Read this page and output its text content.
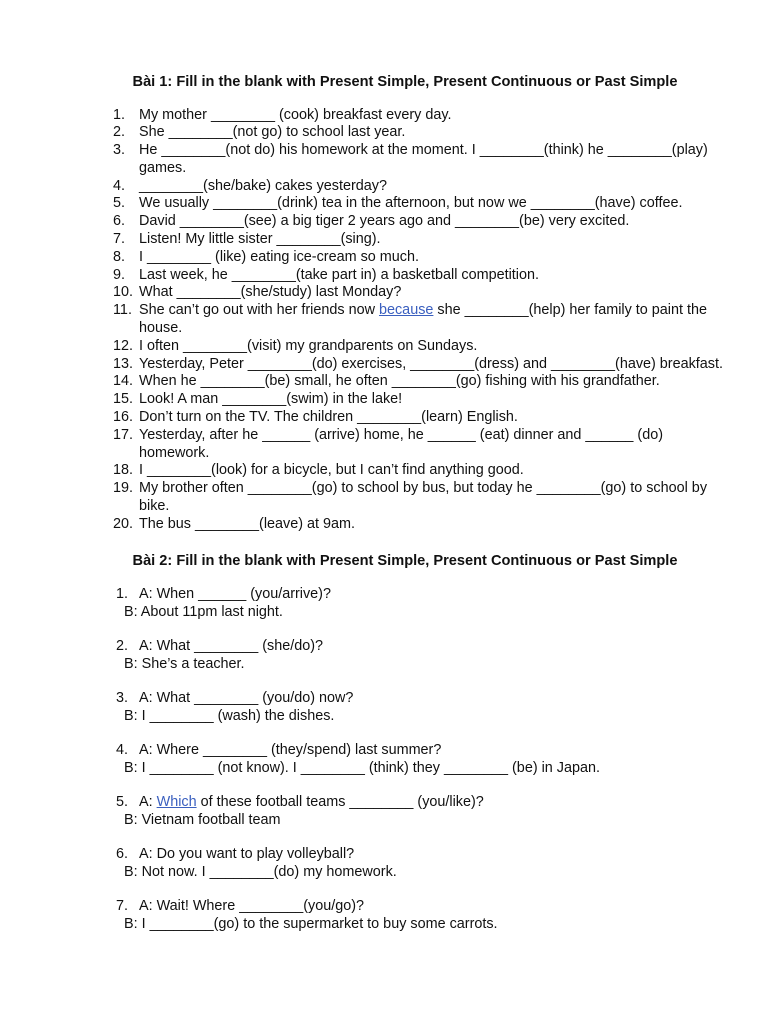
Bài 1: Fill in the blank with Present Simple, Present Continuous or Past Simple
1. My mother ________ (cook) breakfast every day.
2. She ________(not go) to school last year.
3. He ________(not do) his homework at the moment. I ________(think) he ________(play) games.
4. ________(she/bake) cakes yesterday?
5. We usually ________(drink) tea in the afternoon, but now we ________(have) coffee.
6. David ________(see) a big tiger 2 years ago and ________(be) very excited.
7. Listen! My little sister ________(sing).
8. I ________ (like) eating ice-cream so much.
9. Last week, he ________(take part in) a basketball competition.
10. What ________(she/study) last Monday?
11. She can’t go out with her friends now because she ________(help) her family to paint the house.
12. I often ________(visit) my grandparents on Sundays.
13. Yesterday, Peter ________(do) exercises, ________(dress) and ________(have) breakfast.
14. When he ________(be) small, he often ________(go) fishing with his grandfather.
15. Look! A man ________(swim) in the lake!
16. Don’t turn on the TV. The children ________(learn) English.
17. Yesterday, after he ______ (arrive) home, he ______ (eat) dinner and ______ (do) homework.
18. I ________(look) for a bicycle, but I can’t find anything good.
19. My brother often ________(go) to school by bus, but today he ________(go) to school by bike.
20. The bus ________(leave) at 9am.
Bài 2: Fill in the blank with Present Simple, Present Continuous or Past Simple
1. A: When ______ (you/arrive)?
B: About 11pm last night.
2. A: What ________ (she/do)?
B: She’s a teacher.
3. A: What ________ (you/do) now?
B: I ________ (wash) the dishes.
4. A: Where ________ (they/spend) last summer?
B: I ________ (not know). I ________ (think) they ________ (be) in Japan.
5. A: Which of these football teams ________ (you/like)?
B: Vietnam football team
6. A: Do you want to play volleyball?
B: Not now. I ________(do) my homework.
7. A: Wait! Where ________(you/go)?
B: I ________(go) to the supermarket to buy some carrots.
